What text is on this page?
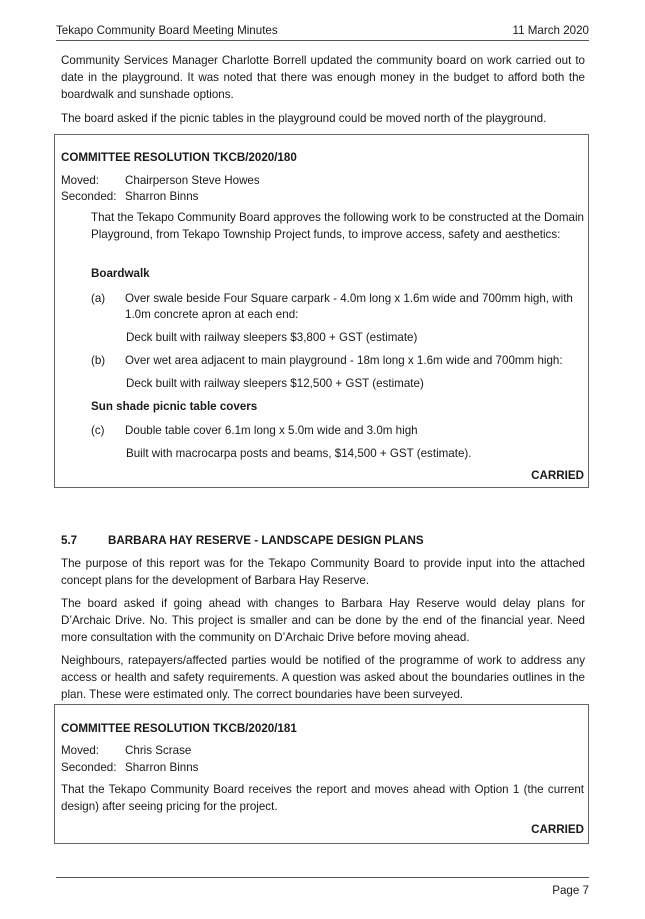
Tekapo Community Board Meeting Minutes	11 March 2020

Community Services Manager Charlotte Borrell updated the community board on work carried out to date in the playground. It was noted that there was enough money in the budget to afford both the boardwalk and sunshade options.

The board asked if the picnic tables in the playground could be moved north of the playground.

COMMITTEE RESOLUTION TKCB/2020/180
Moved: Chairperson Steve Howes
Seconded: Sharron Binns

That the Tekapo Community Board approves the following work to be constructed at the Domain Playground, from Tekapo Township Project funds, to improve access, safety and aesthetics:

Boardwalk
(a) Over swale beside Four Square carpark - 4.0m long x 1.6m wide and 700mm high, with
1.0m concrete apron at each end:
Deck built with railway sleepers $3,800 + GST (estimate)
(b) Over wet area adjacent to main playground - 18m long x 1.6m wide and 700mm high:
Deck built with railway sleepers $12,500 + GST (estimate)
Sun shade picnic table covers
(c) Double table cover 6.1m long x 5.0m wide and 3.0m high
Built with macrocarpa posts and beams, $14,500 + GST (estimate).
CARRIED
5.7	BARBARA HAY RESERVE - LANDSCAPE DESIGN PLANS

The purpose of this report was for the Tekapo Community Board to provide input into the attached concept plans for the development of Barbara Hay Reserve.

The board asked if going ahead with changes to Barbara Hay Reserve would delay plans for D’Archaic Drive. No. This project is smaller and can be done by the end of the financial year. Need more consultation with the community on D’Archaic Drive before moving ahead.

Neighbours, ratepayers/affected parties would be notified of the programme of work to address any access or health and safety requirements. A question was asked about the boundaries outlines in the plan. These were estimated only. The correct boundaries have been surveyed.

COMMITTEE RESOLUTION TKCB/2020/181
Moved: Chris Scrase
Seconded: Sharron Binns

That the Tekapo Community Board receives the report and moves ahead with Option 1 (the current design) after seeing pricing for the project.

CARRIED
Page 7
